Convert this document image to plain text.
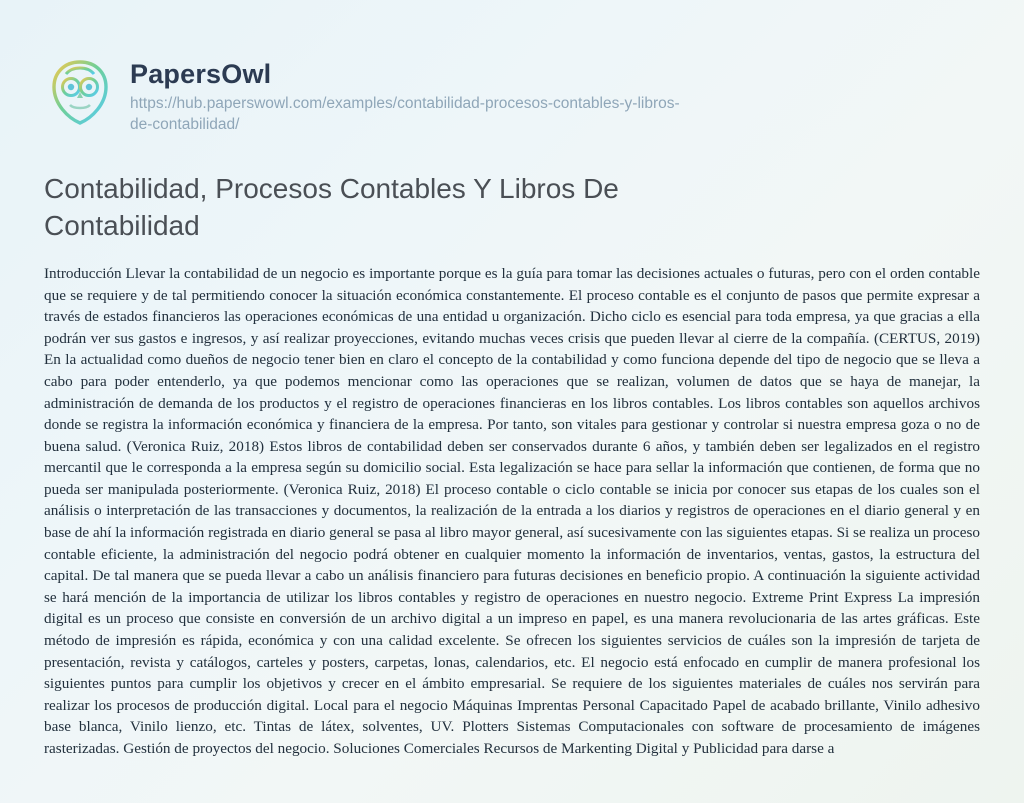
PapersOwl
https://hub.paperswowl.com/examples/contabilidad-procesos-contables-y-libros-de-contabilidad/
Contabilidad, Procesos Contables Y Libros De Contabilidad
Introducción Llevar la contabilidad de un negocio es importante porque es la guía para tomar las decisiones actuales o futuras, pero con el orden contable que se requiere y de tal permitiendo conocer la situación económica constantemente. El proceso contable es el conjunto de pasos que permite expresar a través de estados financieros las operaciones económicas de una entidad u organización. Dicho ciclo es esencial para toda empresa, ya que gracias a ella podrán ver sus gastos e ingresos, y así realizar proyecciones, evitando muchas veces crisis que pueden llevar al cierre de la compañía. (CERTUS, 2019) En la actualidad como dueños de negocio tener bien en claro el concepto de la contabilidad y como funciona depende del tipo de negocio que se lleva a cabo para poder entenderlo, ya que podemos mencionar como las operaciones que se realizan, volumen de datos que se haya de manejar, la administración de demanda de los productos y el registro de operaciones financieras en los libros contables. Los libros contables son aquellos archivos donde se registra la información económica y financiera de la empresa. Por tanto, son vitales para gestionar y controlar si nuestra empresa goza o no de buena salud. (Veronica Ruiz, 2018) Estos libros de contabilidad deben ser conservados durante 6 años, y también deben ser legalizados en el registro mercantil que le corresponda a la empresa según su domicilio social. Esta legalización se hace para sellar la información que contienen, de forma que no pueda ser manipulada posteriormente. (Veronica Ruiz, 2018) El proceso contable o ciclo contable se inicia por conocer sus etapas de los cuales son el análisis o interpretación de las transacciones y documentos, la realización de la entrada a los diarios y registros de operaciones en el diario general y en base de ahí la información registrada en diario general se pasa al libro mayor general, así sucesivamente con las siguientes etapas. Si se realiza un proceso contable eficiente, la administración del negocio podrá obtener en cualquier momento la información de inventarios, ventas, gastos, la estructura del capital. De tal manera que se pueda llevar a cabo un análisis financiero para futuras decisiones en beneficio propio. A continuación la siguiente actividad se hará mención de la importancia de utilizar los libros contables y registro de operaciones en nuestro negocio. Extreme Print Express La impresión digital es un proceso que consiste en conversión de un archivo digital a un impreso en papel, es una manera revolucionaria de las artes gráficas. Este método de impresión es rápida, económica y con una calidad excelente. Se ofrecen los siguientes servicios de cuáles son la impresión de tarjeta de presentación, revista y catálogos, carteles y posters, carpetas, lonas, calendarios, etc. El negocio está enfocado en cumplir de manera profesional los siguientes puntos para cumplir los objetivos y crecer en el ámbito empresarial. Se requiere de los siguientes materiales de cuáles nos servirán para realizar los procesos de producción digital. Local para el negocio Máquinas Imprentas Personal Capacitado Papel de acabado brillante, Vinilo adhesivo base blanca, Vinilo lienzo, etc. Tintas de látex, solventes, UV. Plotters Sistemas Computacionales con software de procesamiento de imágenes rasterizadas. Gestión de proyectos del negocio. Soluciones Comerciales Recursos de Markenting Digital y Publicidad para darse a
